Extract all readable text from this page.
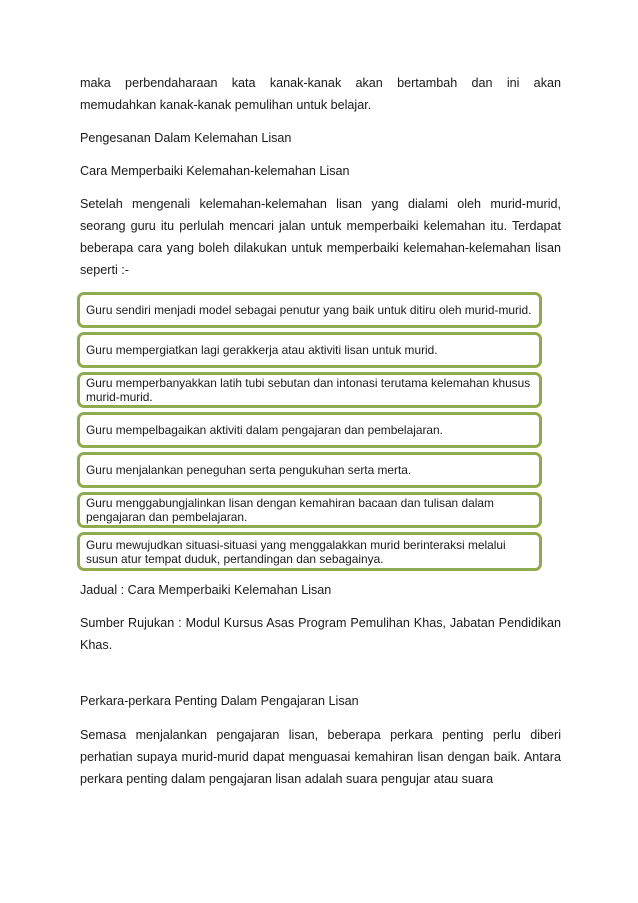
maka perbendaharaan kata kanak-kanak akan bertambah dan ini akan

memudahkan kanak-kanak pemulihan untuk belajar.

Pengesanan Dalam Kelemahan Lisan

Cara Memperbaiki Kelemahan-kelemahan Lisan

Setelah mengenali kelemahan-kelemahan lisan yang dialami oleh murid-murid, seorang guru itu perlulah mencari jalan untuk memperbaiki kelemahan itu. Terdapat beberapa cara yang boleh dilakukan untuk memperbaiki kelemahan-kelemahan lisan seperti :-

Guru sendiri menjadi model sebagai penutur yang baik untuk ditiru oleh murid-murid.
Guru mempergiatkan lagi gerakkerja atau aktiviti lisan untuk murid.
Guru memperbanyakkan latih tubi sebutan dan intonasi terutama kelemahan khusus murid-murid.
Guru mempelbagaikan aktiviti dalam pengajaran dan pembelajaran.
Guru menjalankan peneguhan serta pengukuhan serta merta.
Guru menggabungjalinkan lisan dengan kemahiran bacaan dan tulisan dalam pengajaran dan pembelajaran.
Guru mewujudkan situasi-situasi yang menggalakkan murid berinteraksi melalui susun atur tempat duduk, pertandingan dan sebagainya.

Jadual : Cara Memperbaiki Kelemahan Lisan

Sumber Rujukan : Modul Kursus Asas Program Pemulihan Khas, Jabatan Pendidikan Khas.

Perkara-perkara Penting Dalam Pengajaran Lisan

Semasa menjalankan pengajaran lisan, beberapa perkara penting perlu diberi perhatian supaya murid-murid dapat menguasai kemahiran lisan dengan baik. Antara perkara penting dalam pengajaran lisan adalah suara pengujar atau suara
